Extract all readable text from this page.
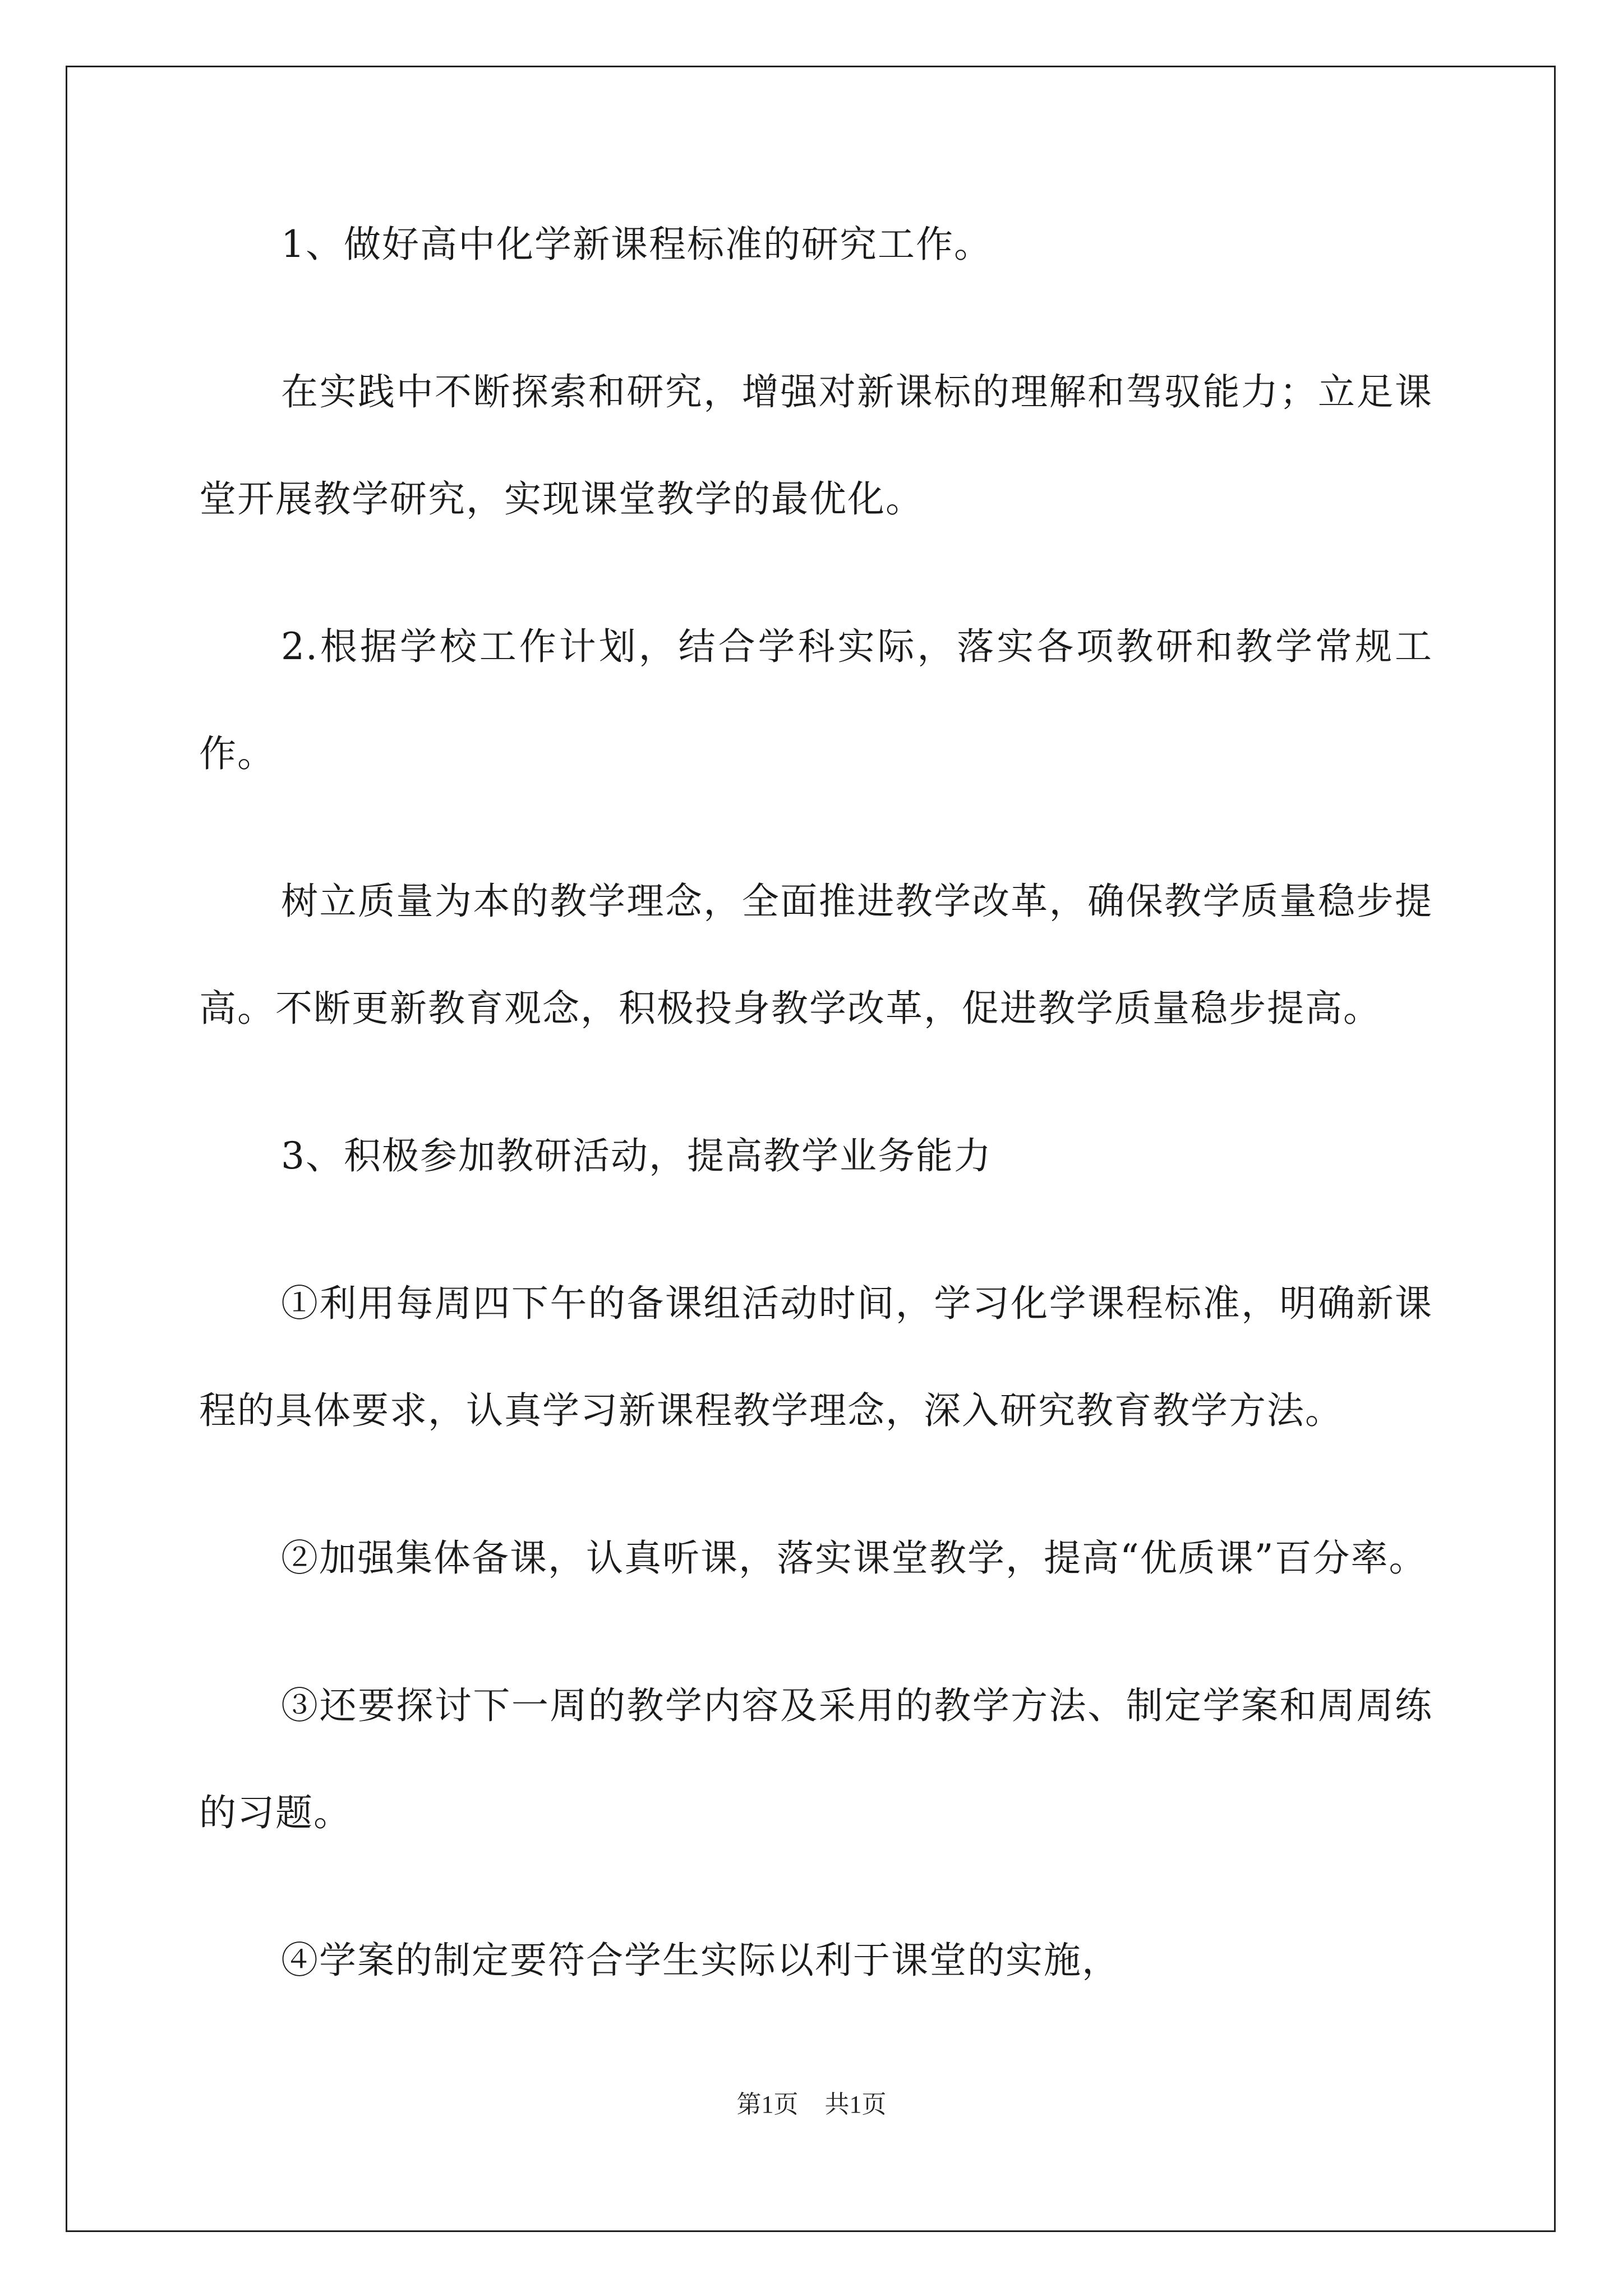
1、做好高中化学新课程标准的研究工作。

在实践中不断探索和研究，增强对新课标的理解和驾驭能力；立足课堂开展教学研究，实现课堂教学的最优化。

2.根据学校工作计划，结合学科实际，落实各项教研和教学常规工作。

树立质量为本的教学理念，全面推进教学改革，确保教学质量稳步提高。不断更新教育观念，积极投身教学改革，促进教学质量稳步提高。

3、积极参加教研活动，提高教学业务能力

①利用每周四下午的备课组活动时间，学习化学课程标准，明确新课程的具体要求，认真学习新课程教学理念，深入研究教育教学方法。

②加强集体备课，认真听课，落实课堂教学，提高“优质课”百分率。

③还要探讨下一周的教学内容及采用的教学方法、制定学案和周周练的习题。

④学案的制定要符合学生实际以利于课堂的实施，

第1页 共1页
